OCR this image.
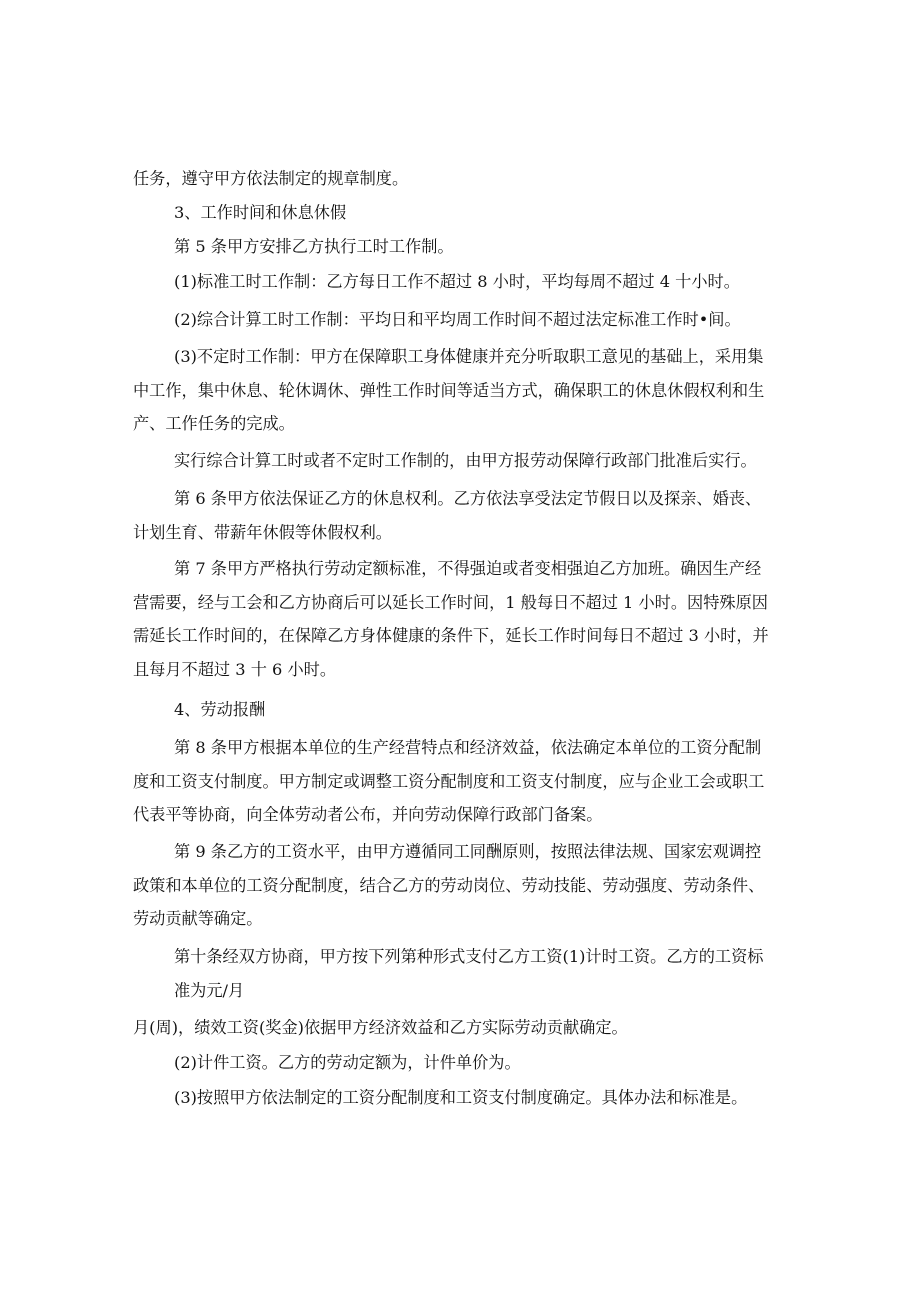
任务，遵守甲方依法制定的规章制度。

3、工作时间和休息休假

第 5 条甲方安排乙方执行工时工作制。

(1)标准工时工作制：乙方每日工作不超过 8 小时，平均每周不超过 4 十小时。

(2)综合计算工时工作制：平均日和平均周工作时间不超过法定标准工作时•间。

(3)不定时工作制：甲方在保障职工身体健康并充分听取职工意见的基础上，采用集
中工作，集中休息、轮休调休、弹性工作时间等适当方式，确保职工的休息休假权利和生
产、工作任务的完成。

实行综合计算工时或者不定时工作制的，由甲方报劳动保障行政部门批准后实行。

第 6 条甲方依法保证乙方的休息权利。乙方依法享受法定节假日以及探亲、婚丧、
计划生育、带薪年休假等休假权利。

第 7 条甲方严格执行劳动定额标准，不得强迫或者变相强迫乙方加班。确因生产经
营需要，经与工会和乙方协商后可以延长工作时间，1 般每日不超过 1 小时。因特殊原因
需延长工作时间的，在保障乙方身体健康的条件下，延长工作时间每日不超过 3 小时，并
且每月不超过 3 十 6 小时。

4、劳动报酬

第 8 条甲方根据本单位的生产经营特点和经济效益，依法确定本单位的工资分配制
度和工资支付制度。甲方制定或调整工资分配制度和工资支付制度，应与企业工会或职工
代表平等协商，向全体劳动者公布，并向劳动保障行政部门备案。

第 9 条乙方的工资水平，由甲方遵循同工同酬原则，按照法律法规、国家宏观调控
政策和本单位的工资分配制度，结合乙方的劳动岗位、劳动技能、劳动强度、劳动条件、
劳动贡献等确定。

第十条经双方协商，甲方按下列第种形式支付乙方工资(1)计时工资。乙方的工资标
准为元/月

月(周)，绩效工资(奖金)依据甲方经济效益和乙方实际劳动贡献确定。

(2)计件工资。乙方的劳动定额为，计件单价为。

(3)按照甲方依法制定的工资分配制度和工资支付制度确定。具体办法和标准是。
